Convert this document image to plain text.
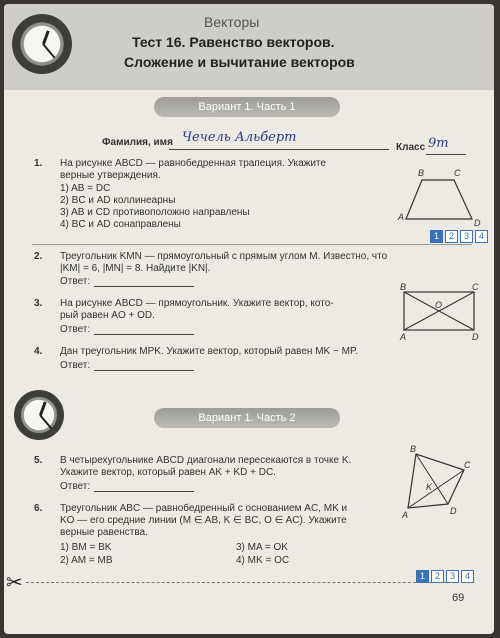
Векторы
Тест 16. Равенство векторов.
Сложение и вычитание векторов
Вариант 1. Часть 1
Фамилия, имя Чечель Альберт
Класс 9т
1. На рисунке ABCD — равнобедренная трапеция. Укажите
верные утверждения.
1) AB = DC
2) BC и AD коллинеарны
3) AB и CD противоположно направлены
4) BC и AD сонаправлены
B	C
A
D
1	2	3	4
2. Треугольник KMN — прямоугольный с прямым углом M. Известно, что
|KM| = 6, |MN| = 8. Найдите |KN|.
Ответ:
3. На рисунке ABCD — прямоугольник. Укажите вектор, кото-
рый равен AO + OD.
Ответ:
B	C
O
A	D
4. Дан треугольник MPK. Укажите вектор, который равен MK − MP.
Ответ:
Вариант 1. Часть 2
5. В четырехугольнике ABCD диагонали пересекаются в точке K.
Укажите вектор, который равен AK + KD + DC.
Ответ:
B
C
K
A	D
6. Треугольник ABC — равнобедренный с основанием AC, MK и
KO — его средние линии (M ∈ AB, K ∈ BC, O ∈ AC). Укажите
верные равенства.
1) BM = BK
2) AM = MB
3) MA = OK
4) MK = OC
✂	1	2	3	4
69
